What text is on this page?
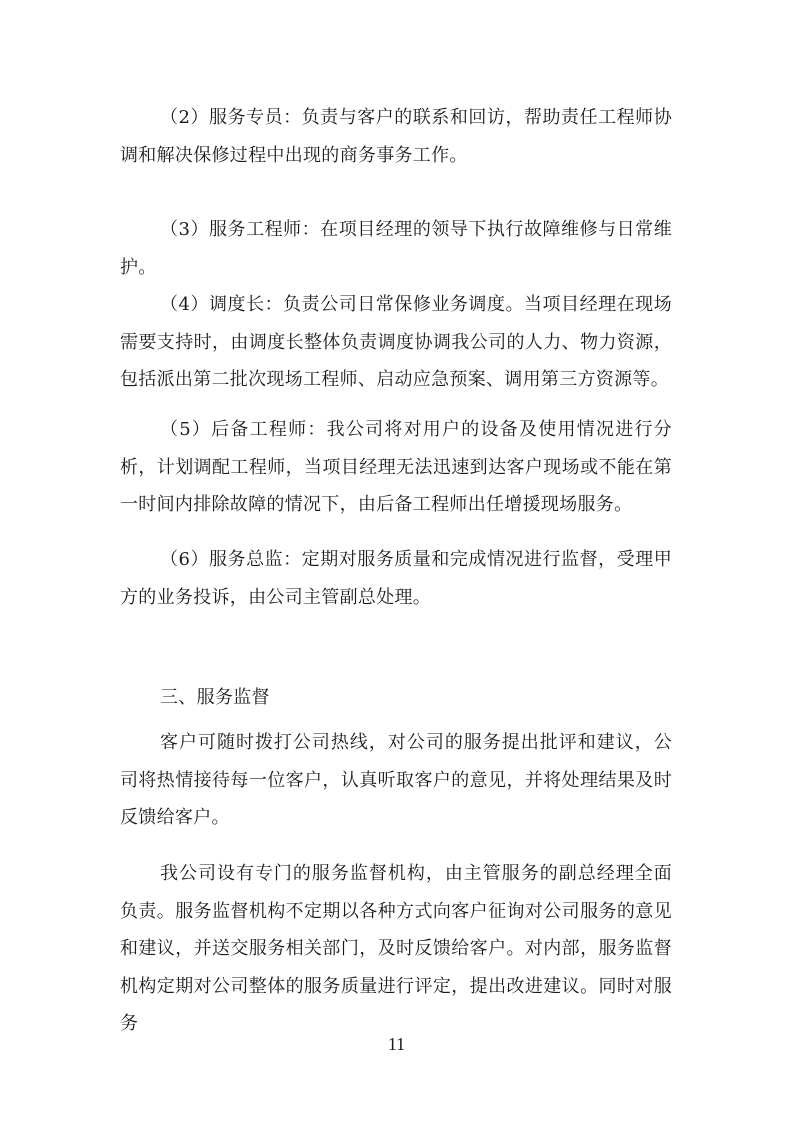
（2）服务专员：负责与客户的联系和回访，帮助责任工程师协调和解决保修过程中出现的商务事务工作。

（3）服务工程师：在项目经理的领导下执行故障维修与日常维护。

（4）调度长：负责公司日常保修业务调度。当项目经理在现场需要支持时，由调度长整体负责调度协调我公司的人力、物力资源，包括派出第二批次现场工程师、启动应急预案、调用第三方资源等。

（5）后备工程师：我公司将对用户的设备及使用情况进行分析，计划调配工程师，当项目经理无法迅速到达客户现场或不能在第一时间内排除故障的情况下，由后备工程师出任增援现场服务。

（6）服务总监：定期对服务质量和完成情况进行监督，受理甲方的业务投诉，由公司主管副总处理。

三、服务监督

客户可随时拨打公司热线，对公司的服务提出批评和建议，公司将热情接待每一位客户，认真听取客户的意见，并将处理结果及时反馈给客户。

我公司设有专门的服务监督机构，由主管服务的副总经理全面负责。服务监督机构不定期以各种方式向客户征询对公司服务的意见和建议，并送交服务相关部门，及时反馈给客户。对内部，服务监督机构定期对公司整体的服务质量进行评定，提出改进建议。同时对服务

11
